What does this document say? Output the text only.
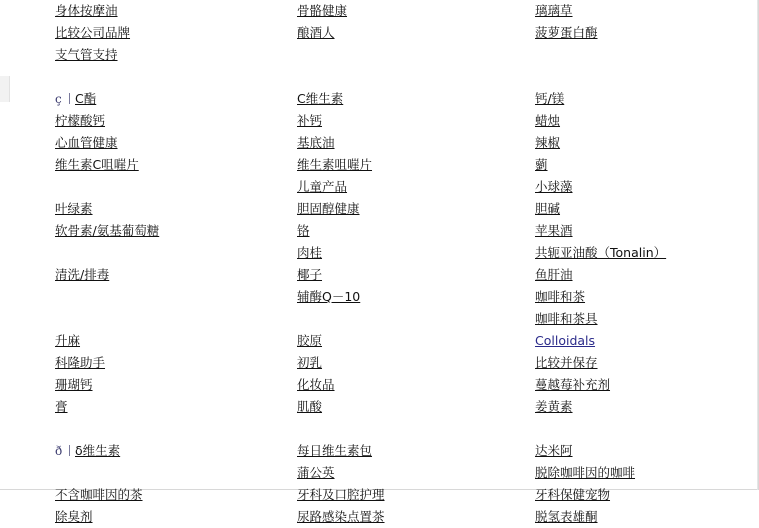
身体按摩油
比较公司品牌
支气管支持

ç C酯
柠檬酸钙
心血管健康
维生素C咀嘊片

叶绿素
软骨素/氨基葡萄糖

清洗/排毒

升麻
科隆助手
珊瑚钙
膏

ð δ维生素

不含咖啡因的茶
除臭剂
骨骼健康
酿酒人

C维生素
补钙
基底油
维生素咀嘊片
儿童产品
胆固醇健康
铬
肉桂
椰子
辅酶Q－10

胶原
初乳
化妆品
肌酸

每日维生素包
蒲公英
牙科及口腔护理
尿路感染点置茶
璃璃草
菠萝蛋白酶

钙/镁
蜡烛
辣椒
藰
小球藻
胆碱
苹果酒
共轭亚油酸（Tonalin）
鱼肝油
咖啡和茶
咖啡和茶具
Colloidals
比较并保存
蔓越莓补充剂
姜黄素

达米阿
脱除咖啡因的咖啡
牙科保健宠物
脱氢表雄酮
